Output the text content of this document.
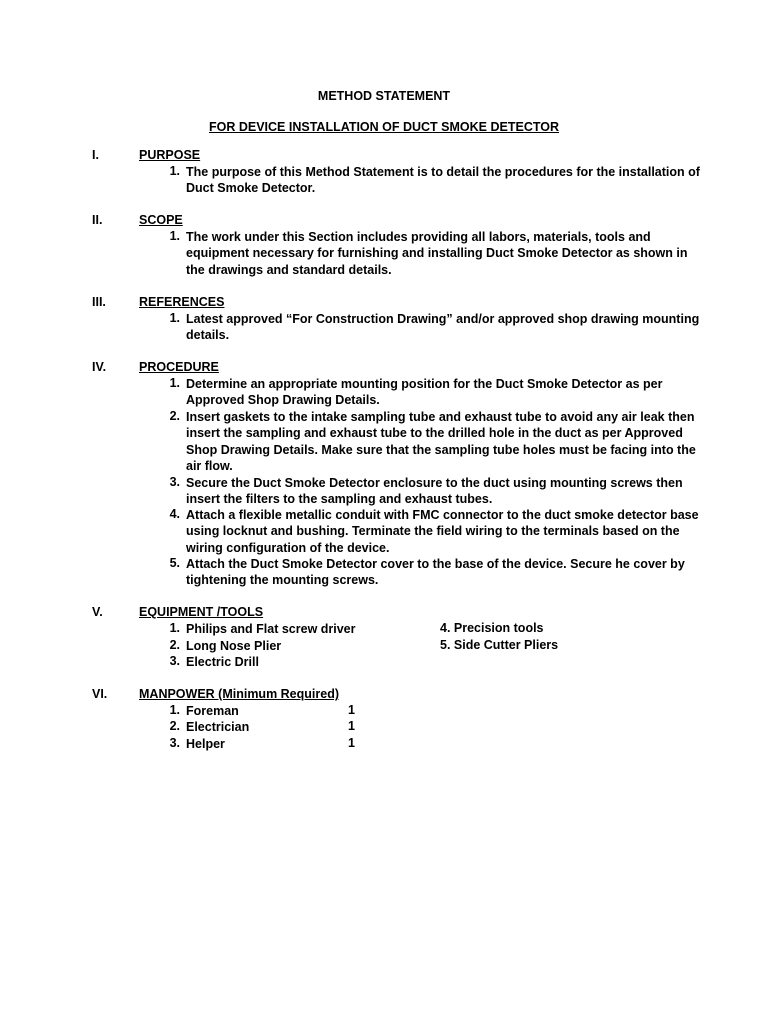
METHOD STATEMENT
FOR DEVICE INSTALLATION OF DUCT SMOKE DETECTOR
I.	PURPOSE
1. The purpose of this Method Statement is to detail the procedures for the installation of Duct Smoke Detector.
II.	SCOPE
1. The work under this Section includes providing all labors, materials, tools and equipment necessary for furnishing and installing Duct Smoke Detector as shown in the drawings and standard details.
III.	REFERENCES
1. Latest approved “For Construction Drawing” and/or approved shop drawing mounting details.
IV.	PROCEDURE
1. Determine an appropriate mounting position for the Duct Smoke Detector as per Approved Shop Drawing Details.
2. Insert gaskets to the intake sampling tube and exhaust tube to avoid any air leak then insert the sampling and exhaust tube to the drilled hole in the duct as per Approved Shop Drawing Details. Make sure that the sampling tube holes must be facing into the air flow.
3. Secure the Duct Smoke Detector enclosure to the duct using mounting screws then insert the filters to the sampling and exhaust tubes.
4. Attach a flexible metallic conduit with FMC connector to the duct smoke detector base using locknut and bushing. Terminate the field wiring to the terminals based on the wiring configuration of the device.
5. Attach the Duct Smoke Detector cover to the base of the device. Secure he cover by tightening the mounting screws.
V.	EQUIPMENT /TOOLS
1. Philips and Flat screw driver	4. Precision tools
2. Long Nose Plier	5. Side Cutter Pliers
3. Electric Drill
VI.	MANPOWER (Minimum Required)
1. Foreman	1
2. Electrician	1
3. Helper	1
